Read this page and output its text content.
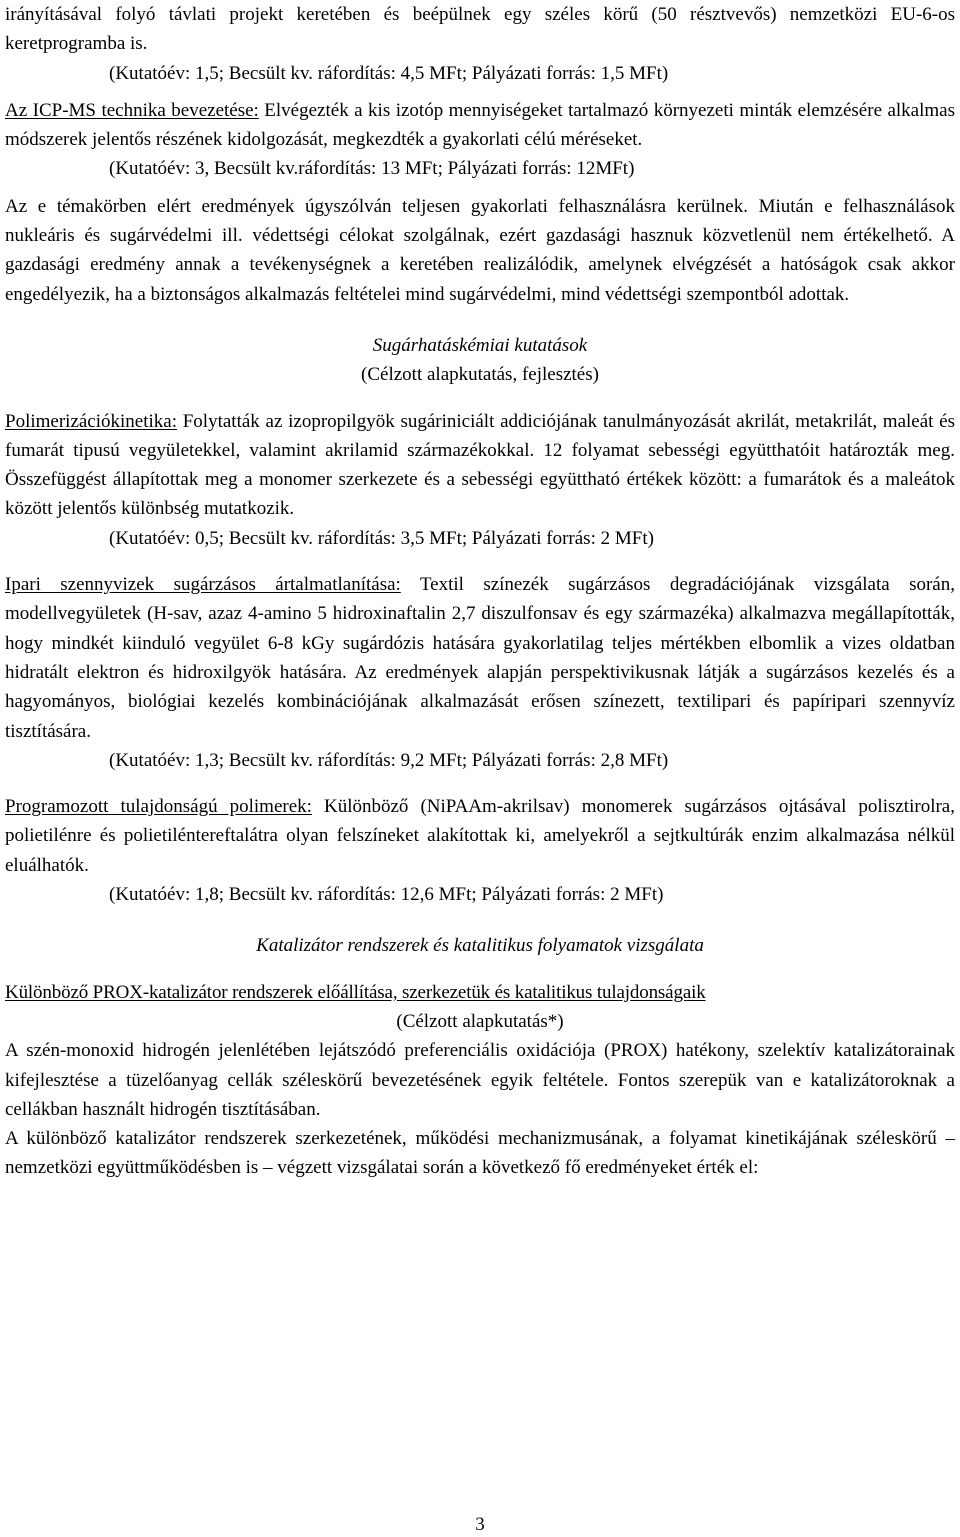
irányításával folyó távlati projekt keretében és beépülnek egy széles körű (50 résztvevős) nemzetközi EU-6-os keretprogramba is.

(Kutatóév: 1,5; Becsült kv. ráfordítás: 4,5 MFt; Pályázati forrás: 1,5 MFt)

Az ICP-MS technika bevezetése: Elvégezték a kis izotóp mennyiségeket tartalmazó környezeti minták elemzésére alkalmas módszerek jelentős részének kidolgozását, megkezdték a gyakorlati célú méréseket.

(Kutatóév: 3, Becsült kv.ráfordítás: 13 MFt; Pályázati forrás: 12MFt)

Az e témakörben elért eredmények úgyszólván teljesen gyakorlati felhasználásra kerülnek. Miután e felhasználások nukleáris és sugárvédelmi ill. védettségi célokat szolgálnak, ezért gazdasági hasznuk közvetlenül nem értékelhető. A gazdasági eredmény annak a tevékenységnek a keretében realizálódik, amelynek elvégzését a hatóságok csak akkor engedélyezik, ha a biztonságos alkalmazás feltételei mind sugárvédelmi, mind védettségi szempontból adottak.

Sugárhatáskémiai kutatások

(Célzott alapkutatás, fejlesztés)

Polimerizációkinetika: Folytatták az izopropilgyök sugáriniciált addiciójának tanulmányozását akrilát, metakrilát, maleát és fumarát tipusú vegyületekkel, valamint akrilamid származékokkal. 12 folyamat sebességi együtthatóit határozták meg. Összefüggést állapítottak meg a monomer szerkezete és a sebességi együttható értékek között: a fumarátok és a maleátok között jelentős különbség mutatkozik.

(Kutatóév: 0,5; Becsült kv. ráfordítás: 3,5 MFt; Pályázati forrás: 2 MFt)

Ipari szennyvizek sugárzásos ártalmatlanítása: Textil színezék sugárzásos degradációjának vizsgálata során, modellvegyületek (H-sav, azaz 4-amino 5 hidroxinaftalin 2,7 diszulfonsav és egy származéka) alkalmazva megállapították, hogy mindkét kiinduló vegyület 6-8 kGy sugárdózis hatására gyakorlatilag teljes mértékben elbomlik a vizes oldatban hidratált elektron és hidroxilgyök hatására. Az eredmények alapján perspektivikusnak látják a sugárzásos kezelés és a hagyományos, biológiai kezelés kombinációjának alkalmazását erősen színezett, textilipari és papíripari szennyvíz tisztítására.

(Kutatóév: 1,3; Becsült kv. ráfordítás: 9,2 MFt; Pályázati forrás: 2,8 MFt)

Programozott tulajdonságú polimerek: Különböző (NiPAAm-akrilsav) monomerek sugárzásos ojtásával polisztirolra, polietilénre és polietiléntereftalátra olyan felszíneket alakítottak ki, amelyekről a sejtkultúrák enzim alkalmazása nélkül eluálhatók.

(Kutatóév: 1,8; Becsült kv. ráfordítás: 12,6 MFt; Pályázati forrás: 2 MFt)

Katalizátor rendszerek és katalitikus folyamatok vizsgálata

Különböző PROX-katalizátor rendszerek előállítása, szerkezetük és katalitikus tulajdonságaik

(Célzott alapkutatás*)

A szén-monoxid hidrogén jelenlétében lejátszódó preferenciális oxidációja (PROX) hatékony, szelektív katalizátorainak kifejlesztése a tüzelőanyag cellák széleskörű bevezetésének egyik feltétele. Fontos szerepük van e katalizátoroknak a cellákban használt hidrogén tisztításában.

A különböző katalizátor rendszerek szerkezetének, működési mechanizmusának, a folyamat kinetikájának széleskörű – nemzetközi együttműködésben is – végzett vizsgálatai során a következő fő eredményeket érték el:

3
